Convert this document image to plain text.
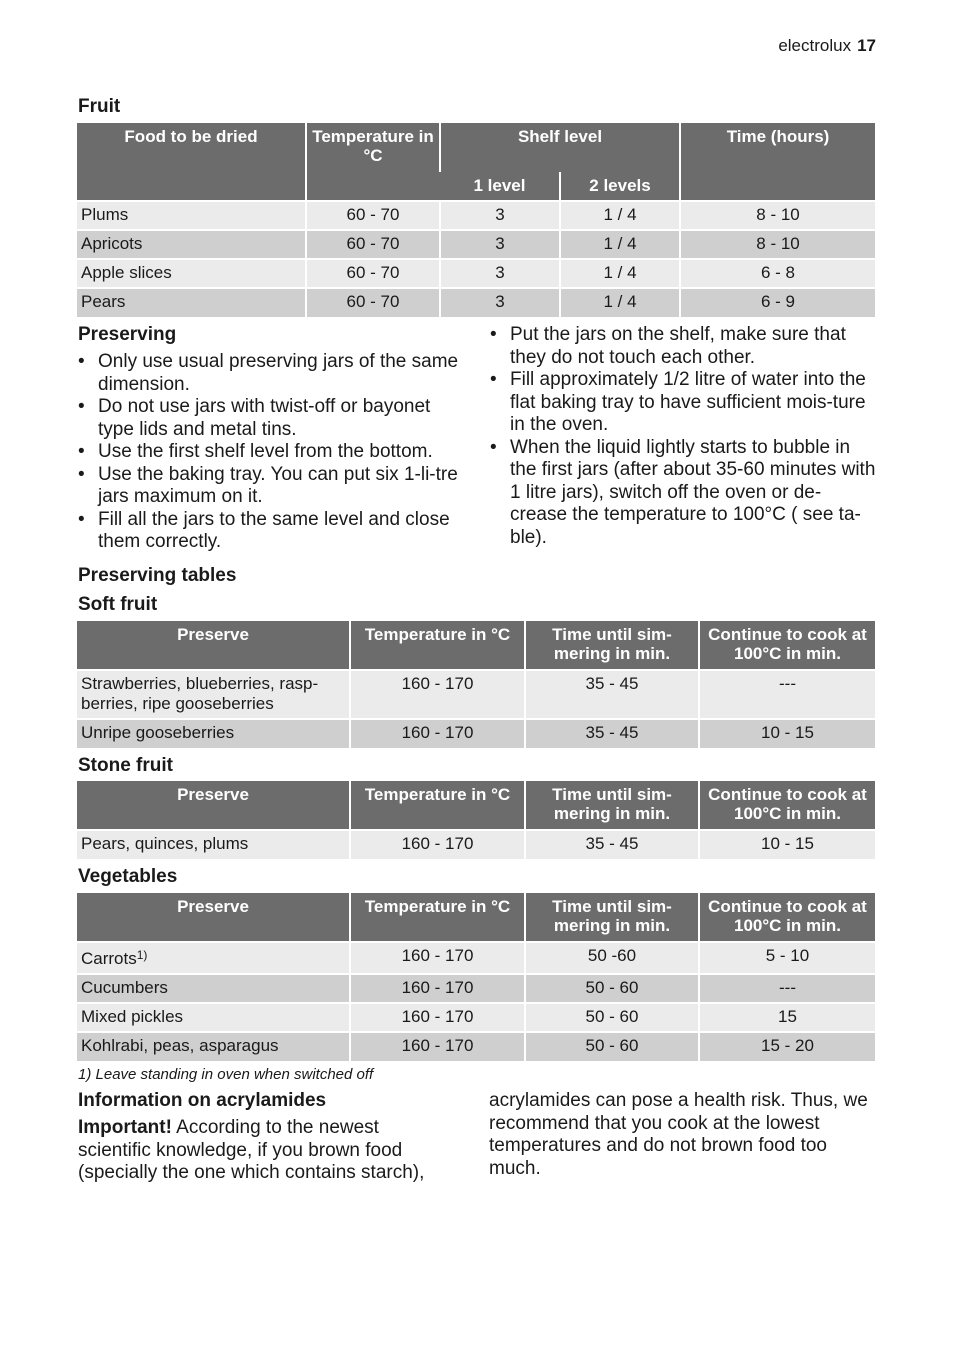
electrolux 17
Fruit
Food to be dried	Temperature in °C	Shelf level		Time (hours)
		1 level	2 levels	
Plums	60 - 70	3	1 / 4	8 - 10
Apricots	60 - 70	3	1 / 4	8 - 10
Apple slices	60 - 70	3	1 / 4	6 - 8
Pears	60 - 70	3	1 / 4	6 - 9
Preserving
• Only use usual preserving jars of the same dimension.
• Do not use jars with twist-off or bayonet type lids and metal tins.
• Use the first shelf level from the bottom.
• Use the baking tray. You can put six 1-li-tre jars maximum on it.
• Fill all the jars to the same level and close them correctly.
• Put the jars on the shelf, make sure that they do not touch each other.
• Fill approximately 1/2 litre of water into the flat baking tray to have sufficient mois-ture in the oven.
• When the liquid lightly starts to bubble in the first jars (after about 35-60 minutes with 1 litre jars), switch off the oven or de-crease the temperature to 100°C ( see ta-ble).
Preserving tables
Soft fruit
Preserve	Temperature in °C	Time until sim-mering in min.	Continue to cook at 100°C in min.
Strawberries, blueberries, rasp-berries, ripe gooseberries	160 - 170	35 - 45	---
Unripe gooseberries	160 - 170	35 - 45	10 - 15
Stone fruit
Preserve	Temperature in °C	Time until sim-mering in min.	Continue to cook at 100°C in min.
Pears, quinces, plums	160 - 170	35 - 45	10 - 15
Vegetables
Preserve	Temperature in °C	Time until sim-mering in min.	Continue to cook at 100°C in min.
Carrots$^{1)}$	160 - 170	50 -60	5 - 10
Cucumbers	160 - 170	50 - 60	---
Mixed pickles	160 - 170	50 - 60	15
Kohlrabi, peas, asparagus	160 - 170	50 - 60	15 - 20
1) Leave standing in oven when switched off
Information on acrylamides

Important! According to the newest scientific knowledge, if you brown food (specially the one which contains starch),

acrylamides can pose a health risk. Thus, we recommend that you cook at the lowest temperatures and do not brown food too much.
